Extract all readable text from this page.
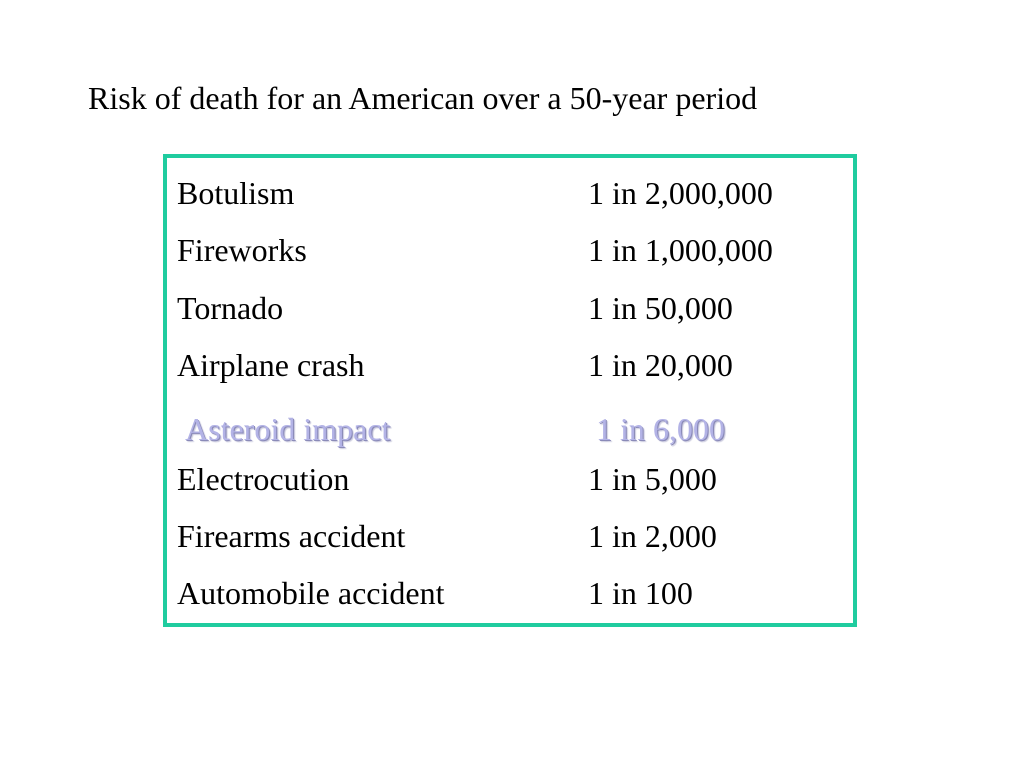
Risk of death for an American over a 50-year period
Botulism	1 in 2,000,000
Fireworks	1 in 1,000,000
Tornado	1 in 50,000
Airplane crash	1 in 20,000
Asteroid impact	1 in 6,000
Electrocution	1 in 5,000
Firearms accident	1 in 2,000
Automobile accident	1 in 100
